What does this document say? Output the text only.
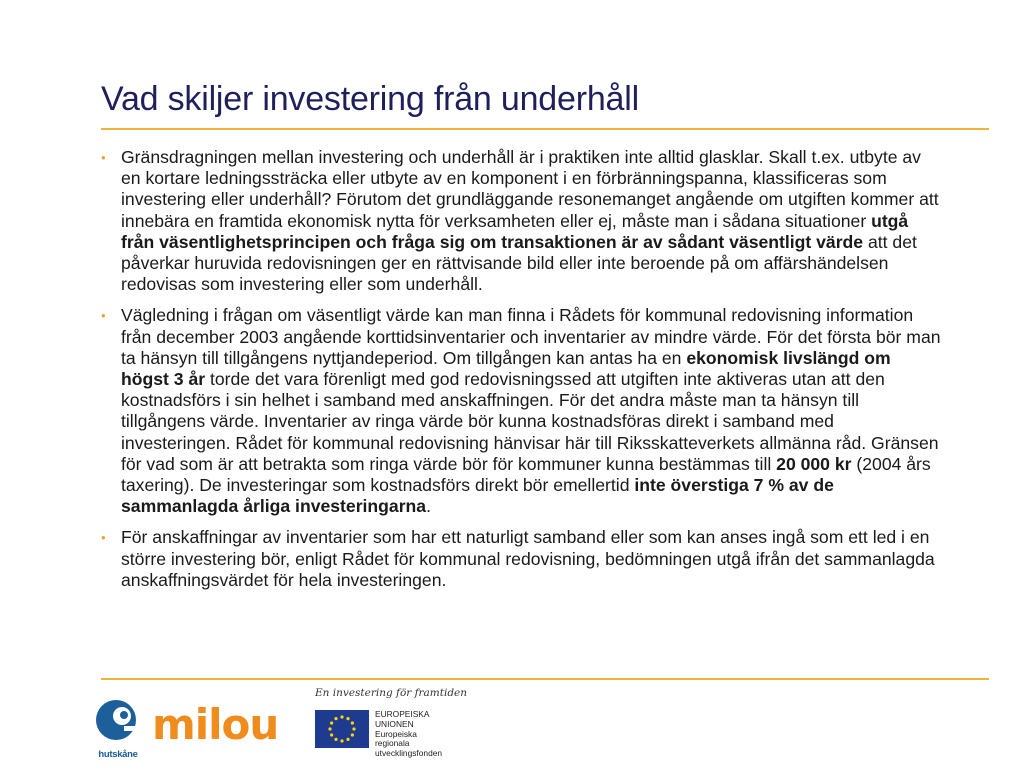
Vad skiljer investering från underhåll
• Gränsdragningen mellan investering och underhåll är i praktiken inte alltid glasklar. Skall t.ex. utbyte av en kortare ledningssträcka eller utbyte av en komponent i en förbränningspanna, klassificeras som investering eller underhåll? Förutom det grundläggande resonemanget angående om utgiften kommer att innebära en framtida ekonomisk nytta för verksamheten eller ej, måste man i sådana situationer utgå från väsentlighetsprincipen och fråga sig om transaktionen är av sådant väsentligt värde att det påverkar huruvida redovisningen ger en rättvisande bild eller inte beroende på om affärshändelsen redovisas som investering eller som underhåll.

• Vägledning i frågan om väsentligt värde kan man finna i Rådets för kommunal redovisning information från december 2003 angående korttidsinventarier och inventarier av mindre värde. För det första bör man ta hänsyn till tillgångens nyttjandeperiod. Om tillgången kan antas ha en ekonomisk livslängd om högst 3 år torde det vara förenligt med god redovisningssed att utgiften inte aktiveras utan att den kostnadsförs i sin helhet i samband med anskaffningen. För det andra måste man ta hänsyn till tillgångens värde. Inventarier av ringa värde bör kunna kostnadsföras direkt i samband med investeringen. Rådet för kommunal redovisning hänvisar här till Riksskatteverkets allmänna råd. Gränsen för vad som är att betrakta som ringa värde bör för kommuner kunna bestämmas till 20 000 kr (2004 års taxering). De investeringar som kostnadsförs direkt bör emellertid inte överstiga 7 % av de sammanlagda årliga investeringarna.

• För anskaffningar av inventarier som har ett naturligt samband eller som kan anses ingå som ett led i en större investering bör, enligt Rådet för kommunal redovisning, bedömningen utgå ifrån det sammanlagda anskaffningsvärdet för hela investeringen.

hutskåne

milou

En investering för framtiden
EUROPEISKA
UNIONEN
Europeiska
regionala
utvecklingsfonden
